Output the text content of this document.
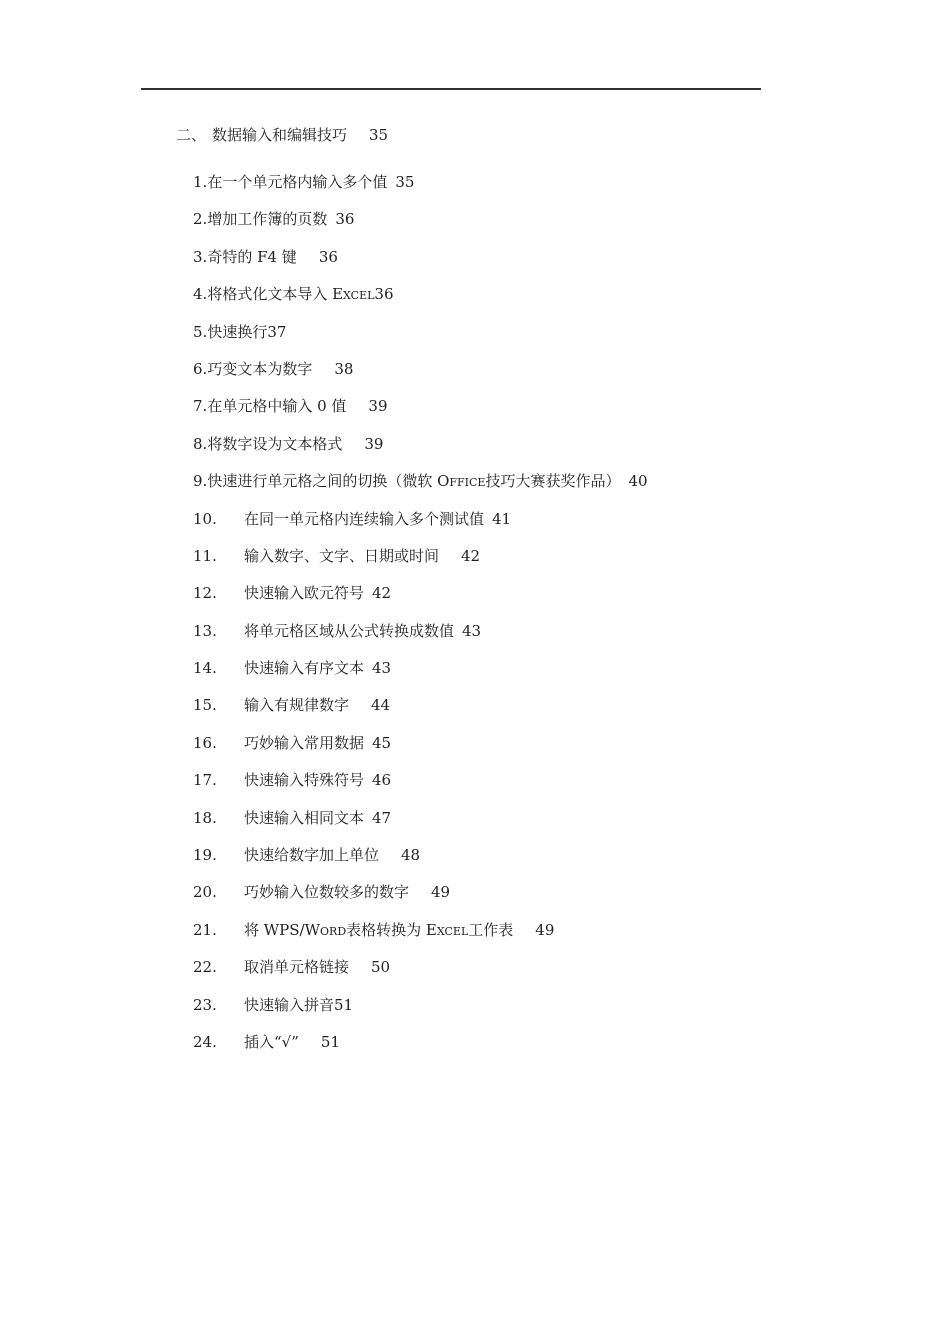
二、 数据输入和编辑技巧 35
1.在一个单元格内输入多个值 35
2.增加工作簿的页数 36
3.奇特的 F4 键 36
4.将格式化文本导入 EXCEL36
5.快速换行37
6.巧变文本为数字 38
7.在单元格中输入 0 值 39
8.将数字设为文本格式 39
9.快速进行单元格之间的切换（微软 OFFICE技巧大赛获奖作品） 40
10. 在同一单元格内连续输入多个测试值 41
11. 输入数字、文字、日期或时间 42
12. 快速输入欧元符号 42
13. 将单元格区域从公式转换成数值 43
14. 快速输入有序文本 43
15. 输入有规律数字 44
16. 巧妙输入常用数据 45
17. 快速输入特殊符号 46
18. 快速输入相同文本 47
19. 快速给数字加上单位 48
20. 巧妙输入位数较多的数字 49
21. 将 WPS/WORD表格转换为 EXCEL工作表 49
22. 取消单元格链接 50
23. 快速输入拼音51
24. 插入“√” 51
